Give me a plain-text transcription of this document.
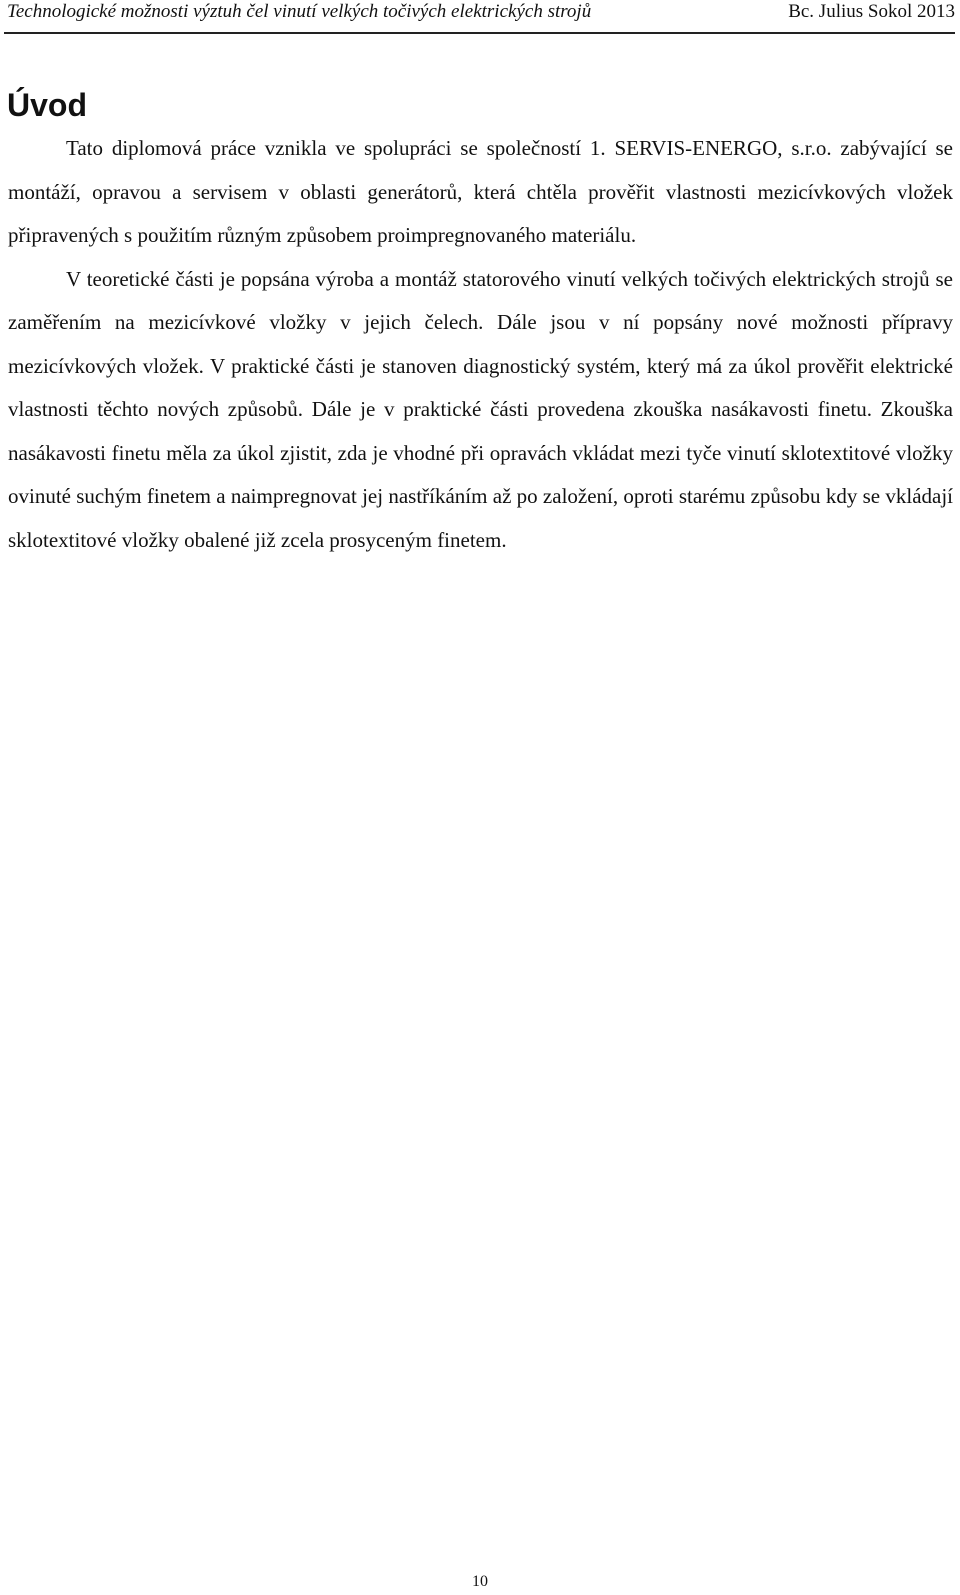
Technologické možnosti výztuh čel vinutí velkých točivých elektrických strojů	Bc. Julius Sokol 2013
Úvod

Tato diplomová práce vznikla ve spolupráci se společností 1. SERVIS-ENERGO, s.r.o. zabývající se montáží, opravou a servisem v oblasti generátorů, která chtěla prověřit vlastnosti mezicívkových vložek připravených s použitím různým způsobem proimpregnovaného materiálu.

V teoretické části je popsána výroba a montáž statorového vinutí velkých točivých elektrických strojů se zaměřením na mezicívkové vložky v jejich čelech. Dále jsou v ní popsány nové možnosti přípravy mezicívkových vložek. V praktické části je stanoven diagnostický systém, který má za úkol prověřit elektrické vlastnosti těchto nových způsobů. Dále je v praktické části provedena zkouška nasákavosti finetu. Zkouška nasákavosti finetu měla za úkol zjistit, zda je vhodné při opravách vkládat mezi tyče vinutí sklotextitové vložky ovinuté suchým finetem a naimpregnovat jej nastříkáním až po založení, oproti starému způsobu kdy se vkládají sklotextitové vložky obalené již zcela prosyceným finetem.

10
